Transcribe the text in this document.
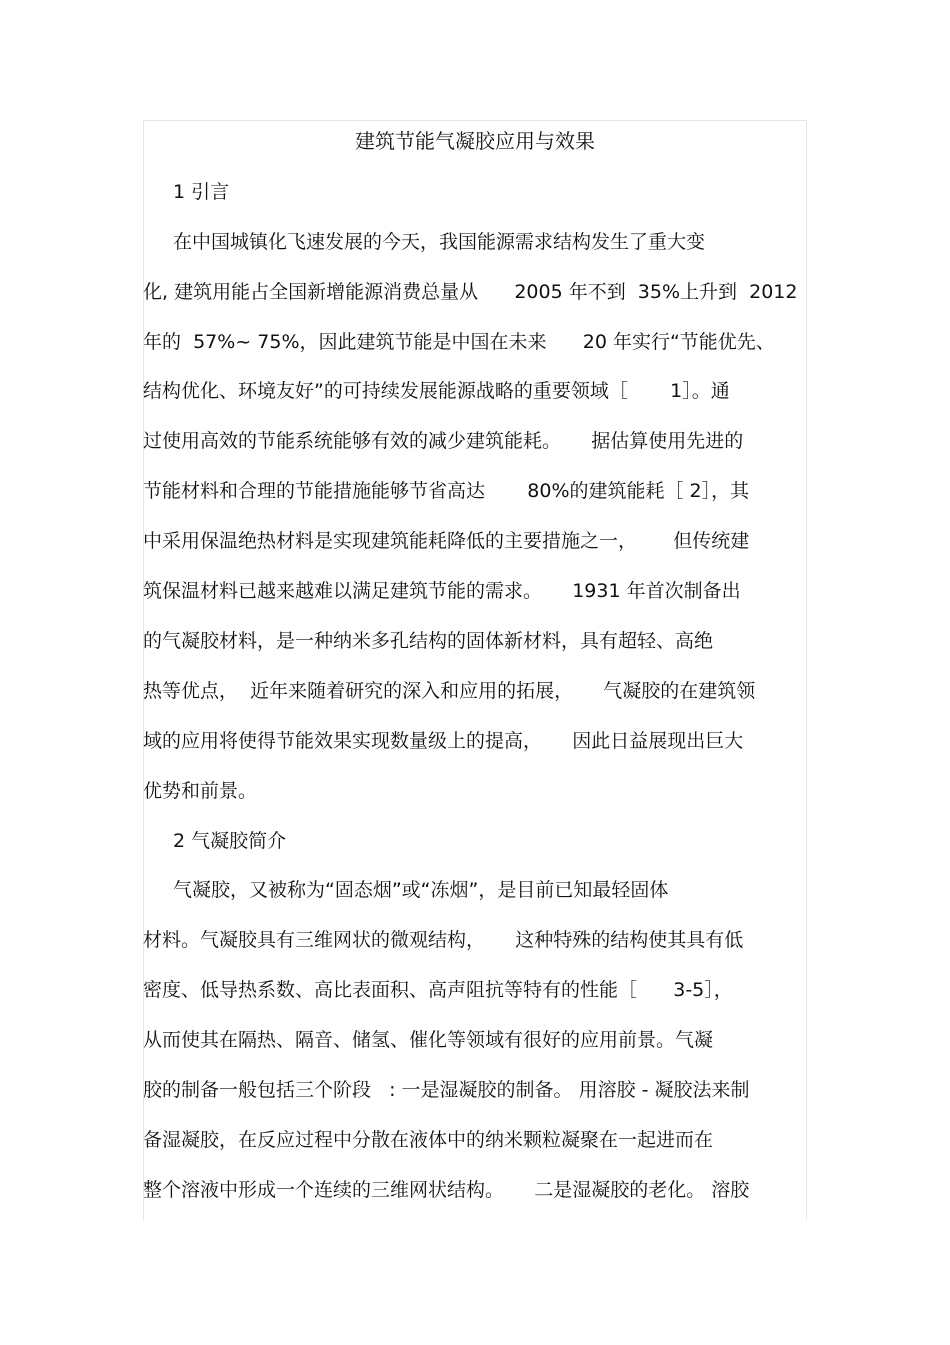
建筑节能气凝胶应用与效果
1 引言
在中国城镇化飞速发展的今天，我国能源需求结构发生了重大变
化, 建筑用能占全国新增能源消费总量从      2005 年不到  35%上升到  2012
年的  57%~ 75%，因此建筑节能是中国在未来      20 年实行“节能优先、
结构优化、环境友好”的可持续发展能源战略的重要领域［       1］。通
过使用高效的节能系统能够有效的减少建筑能耗。     据估算使用先进的
节能材料和合理的节能措施能够节省高达       80%的建筑能耗［ 2］，其
中采用保温绝热材料是实现建筑能耗降低的主要措施之一，      但传统建
筑保温材料已越来越难以满足建筑节能的需求。     1931 年首次制备出
的气凝胶材料，是一种纳米多孔结构的固体新材料，具有超轻、高绝
热等优点，  近年来随着研究的深入和应用的拓展，     气凝胶的在建筑领
域的应用将使得节能效果实现数量级上的提高，     因此日益展现出巨大
优势和前景。
2 气凝胶简介
气凝胶，又被称为“固态烟”或“冻烟”，是目前已知最轻固体
材料。气凝胶具有三维网状的微观结构，     这种特殊的结构使其具有低
密度、低导热系数、高比表面积、高声阻抗等特有的性能［      3-5］，
从而使其在隔热、隔音、储氢、催化等领域有很好的应用前景。气凝
胶的制备一般包括三个阶段   : 一是湿凝胶的制备。 用溶胶 - 凝胶法来制
备湿凝胶，在反应过程中分散在液体中的纳米颗粒凝聚在一起进而在
整个溶液中形成一个连续的三维网状结构。     二是湿凝胶的老化。 溶胶
